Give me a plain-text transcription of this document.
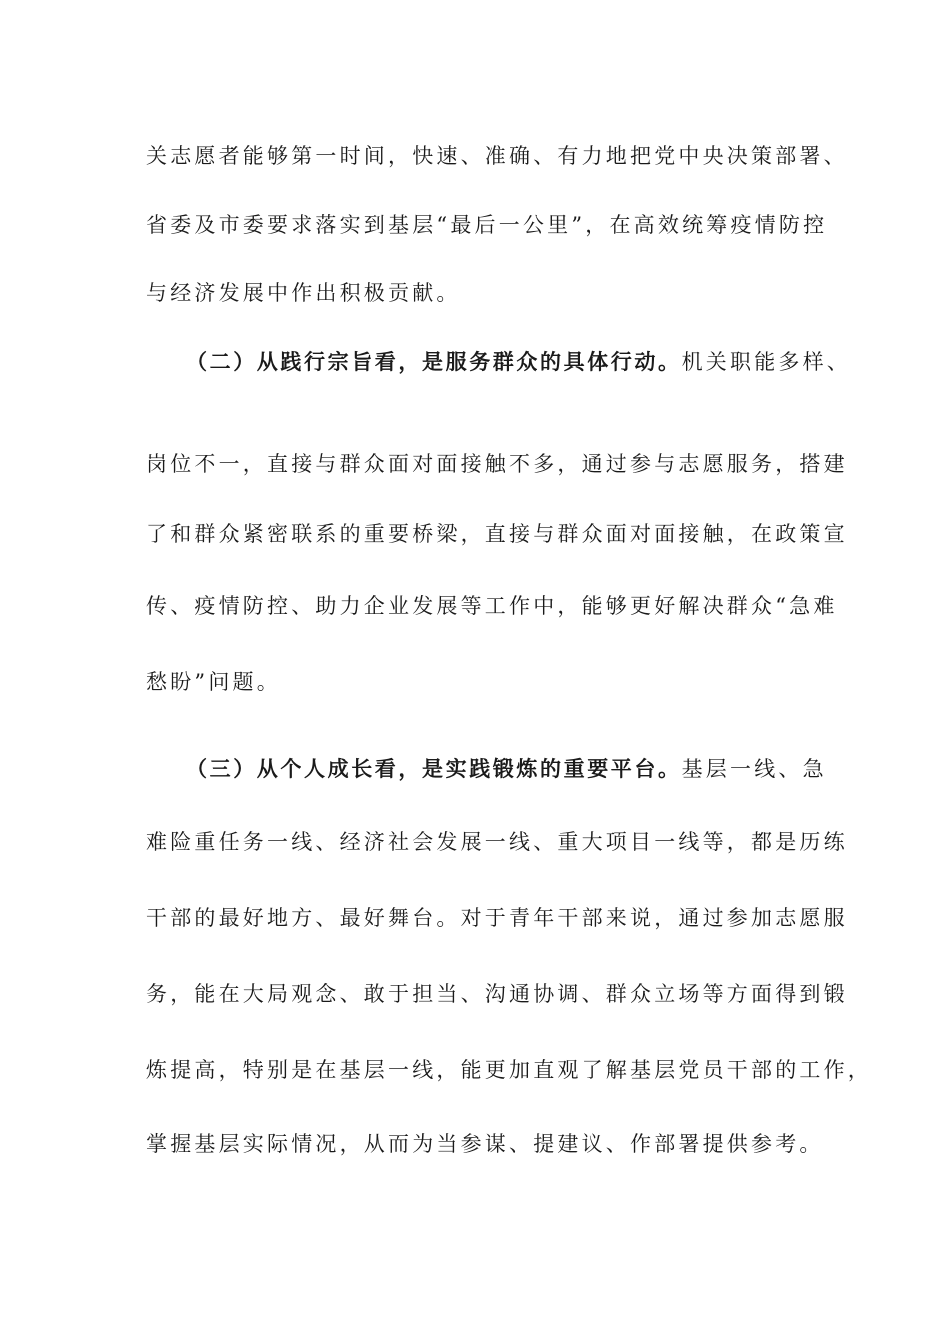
关志愿者能够第一时间，快速、准确、有力地把党中央决策部署、
省委及市委要求落实到基层“最后一公里”，在高效统筹疫情防控
与经济发展中作出积极贡献。
（二）从践行宗旨看，是服务群众的具体行动。机关职能多样、
岗位不一，直接与群众面对面接触不多，通过参与志愿服务，搭建
了和群众紧密联系的重要桥梁，直接与群众面对面接触，在政策宣
传、疫情防控、助力企业发展等工作中，能够更好解决群众“急难
愁盼”问题。
（三）从个人成长看，是实践锻炼的重要平台。基层一线、急
难险重任务一线、经济社会发展一线、重大项目一线等，都是历练
干部的最好地方、最好舞台。对于青年干部来说，通过参加志愿服
务，能在大局观念、敢于担当、沟通协调、群众立场等方面得到锻
炼提高，特别是在基层一线，能更加直观了解基层党员干部的工作，
掌握基层实际情况，从而为当参谋、提建议、作部署提供参考。
